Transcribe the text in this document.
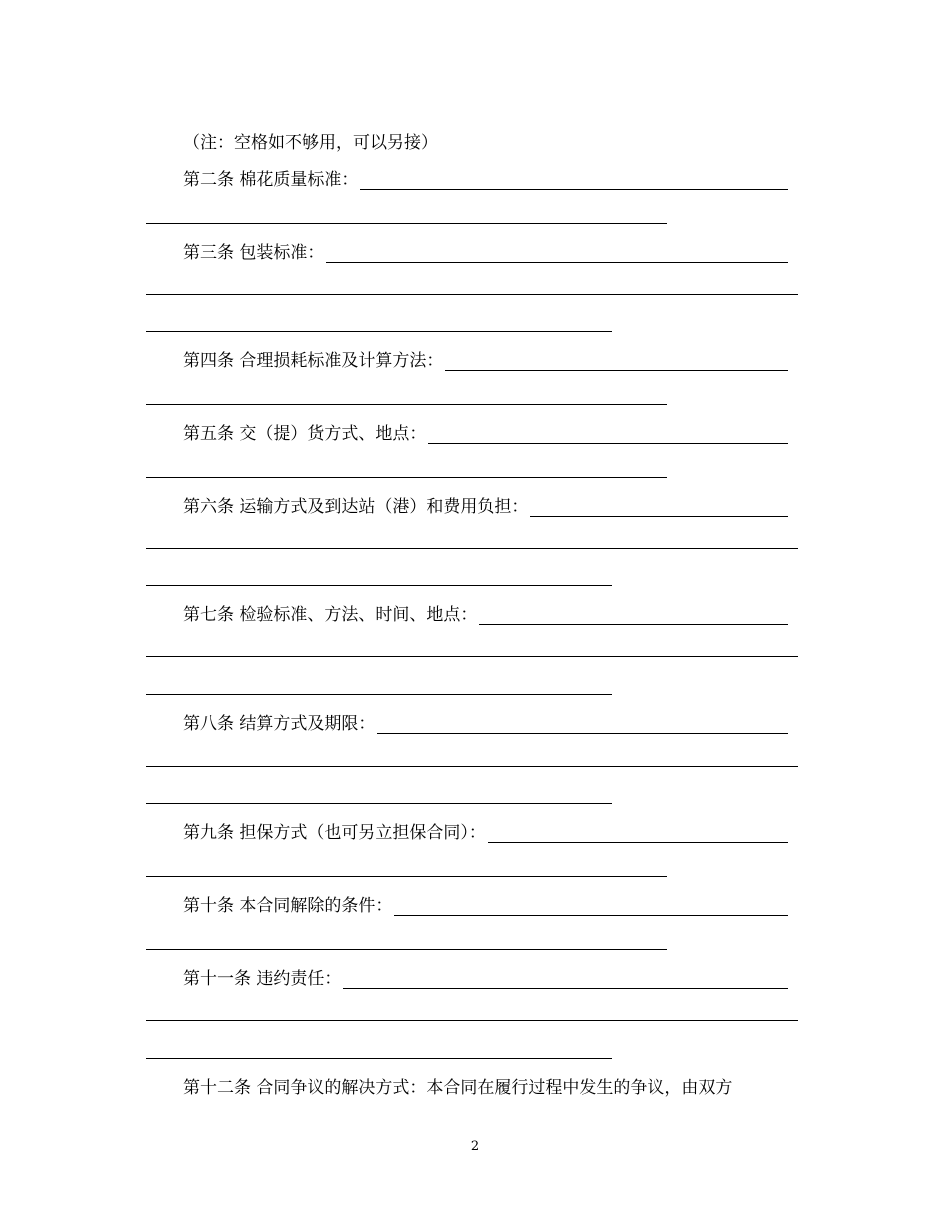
（注：空格如不够用，可以另接）
第二条 棉花质量标准：
第三条 包装标准：
第四条 合理损耗标准及计算方法：
第五条 交（提）货方式、地点：
第六条 运输方式及到达站（港）和费用负担：
第七条 检验标准、方法、时间、地点：
第八条 结算方式及期限：
第九条 担保方式（也可另立担保合同）：
第十条 本合同解除的条件：
第十一条 违约责任：
第十二条 合同争议的解决方式：本合同在履行过程中发生的争议，由双方
2
